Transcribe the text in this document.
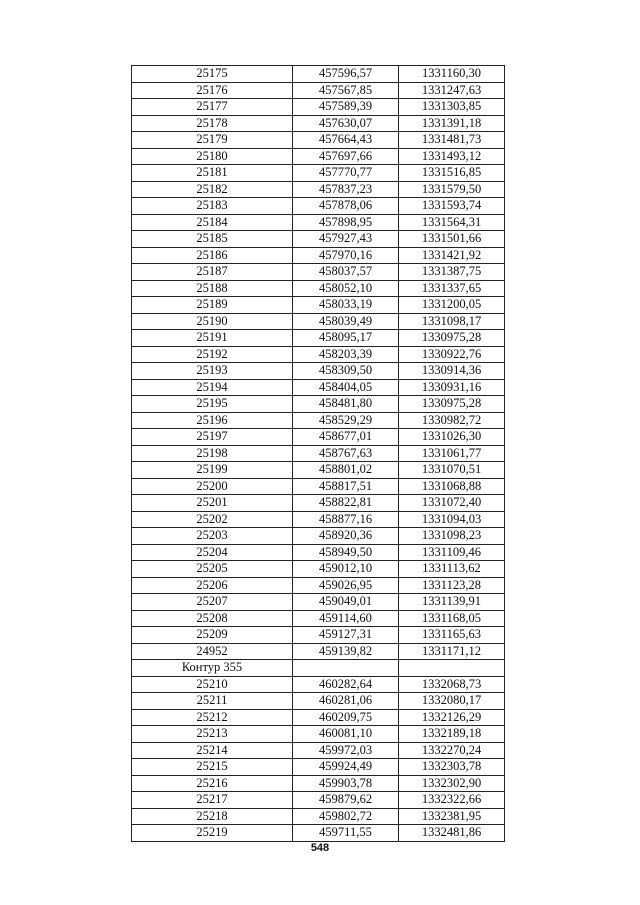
25175	457596,57	1331160,30
25176	457567,85	1331247,63
25177	457589,39	1331303,85
25178	457630,07	1331391,18
25179	457664,43	1331481,73
25180	457697,66	1331493,12
25181	457770,77	1331516,85
25182	457837,23	1331579,50
25183	457878,06	1331593,74
25184	457898,95	1331564,31
25185	457927,43	1331501,66
25186	457970,16	1331421,92
25187	458037,57	1331387,75
25188	458052,10	1331337,65
25189	458033,19	1331200,05
25190	458039,49	1331098,17
25191	458095,17	1330975,28
25192	458203,39	1330922,76
25193	458309,50	1330914,36
25194	458404,05	1330931,16
25195	458481,80	1330975,28
25196	458529,29	1330982,72
25197	458677,01	1331026,30
25198	458767,63	1331061,77
25199	458801,02	1331070,51
25200	458817,51	1331068,88
25201	458822,81	1331072,40
25202	458877,16	1331094,03
25203	458920,36	1331098,23
25204	458949,50	1331109,46
25205	459012,10	1331113,62
25206	459026,95	1331123,28
25207	459049,01	1331139,91
25208	459114,60	1331168,05
25209	459127,31	1331165,63
24952	459139,82	1331171,12
Контур 355		
25210	460282,64	1332068,73
25211	460281,06	1332080,17
25212	460209,75	1332126,29
25213	460081,10	1332189,18
25214	459972,03	1332270,24
25215	459924,49	1332303,78
25216	459903,78	1332302,90
25217	459879,62	1332322,66
25218	459802,72	1332381,95
25219	459711,55	1332481,86
548
